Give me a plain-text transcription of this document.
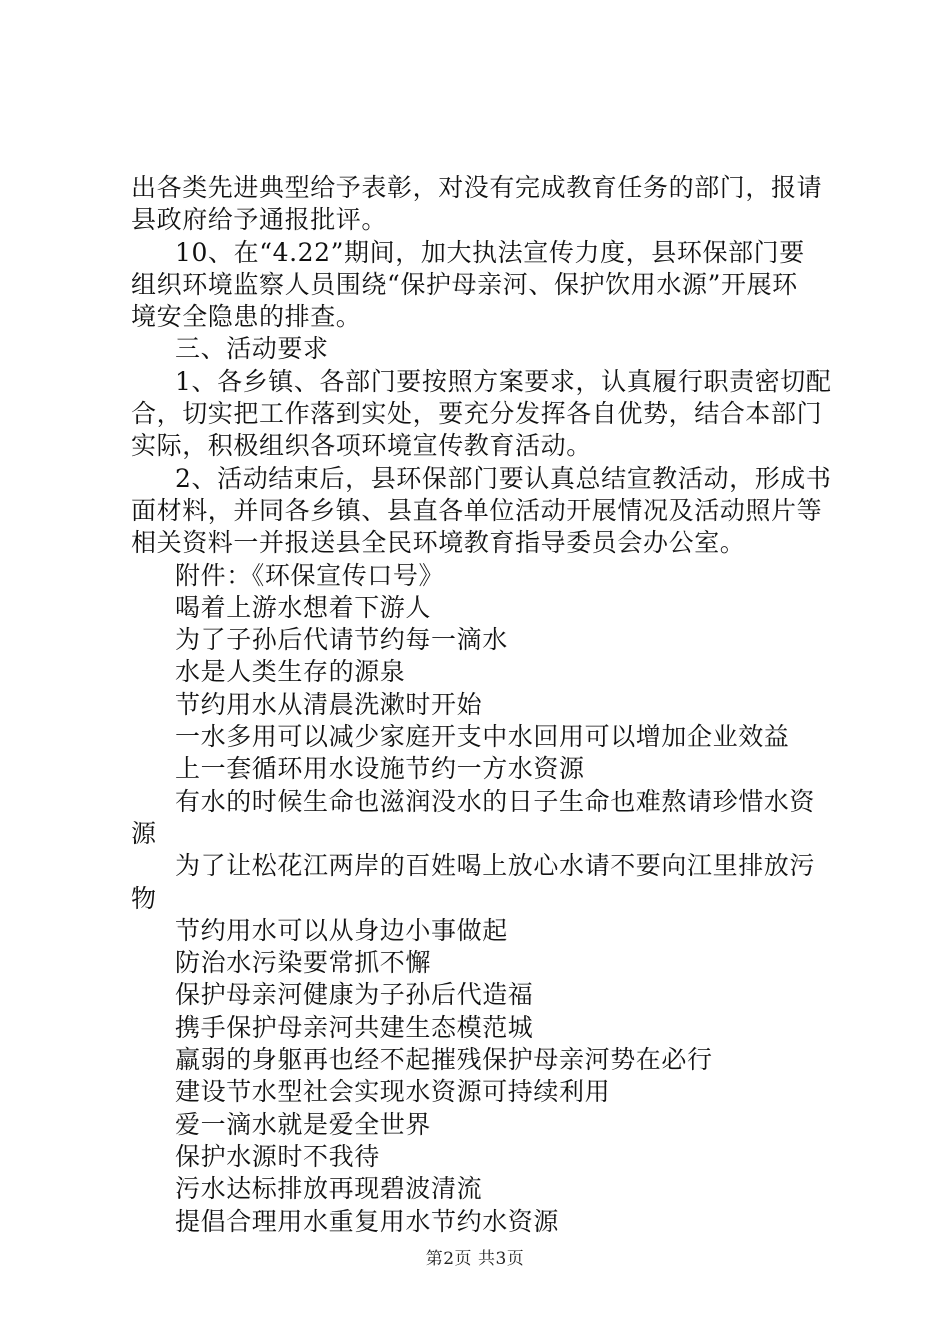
出各类先进典型给予表彰，对没有完成教育任务的部门，报请
县政府给予通报批评。
10、在“4.22”期间，加大执法宣传力度，县环保部门要
组织环境监察人员围绕“保护母亲河、保护饮用水源”开展环
境安全隐患的排查。
三、活动要求
1、各乡镇、各部门要按照方案要求，认真履行职责密切配
合，切实把工作落到实处，要充分发挥各自优势，结合本部门
实际，积极组织各项环境宣传教育活动。
2、活动结束后，县环保部门要认真总结宣教活动，形成书
面材料，并同各乡镇、县直各单位活动开展情况及活动照片等
相关资料一并报送县全民环境教育指导委员会办公室。
附件：《环保宣传口号》
喝着上游水想着下游人
为了子孙后代请节约每一滴水
水是人类生存的源泉
节约用水从清晨洗漱时开始
一水多用可以减少家庭开支中水回用可以增加企业效益
上一套循环用水设施节约一方水资源
有水的时候生命也滋润没水的日子生命也难熬请珍惜水资
源
为了让松花江两岸的百姓喝上放心水请不要向江里排放污
物
节约用水可以从身边小事做起
防治水污染要常抓不懈
保护母亲河健康为子孙后代造福
携手保护母亲河共建生态模范城
羸弱的身躯再也经不起摧残保护母亲河势在必行
建设节水型社会实现水资源可持续利用
爱一滴水就是爱全世界
保护水源时不我待
污水达标排放再现碧波清流
提倡合理用水重复用水节约水资源
第2页 共3页
